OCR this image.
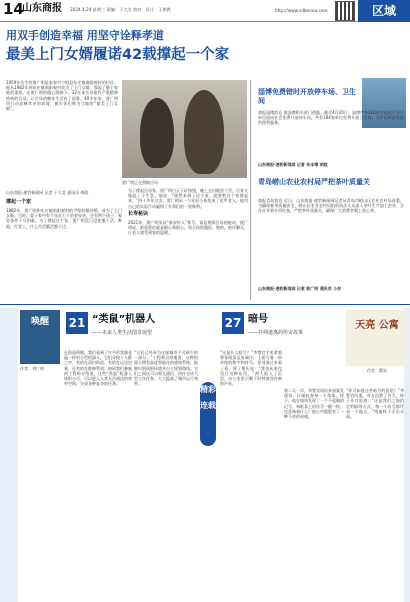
14
山东商报 2024.4.24 星期三 责编：于大北 校对：设计：王善教	http://www.sdbenxw.com	区域
用双手创造幸福 用坚守诠释孝道
最美上门女婿履诺42载撑起一个家
1959年出生的贾广明是泰安市宁阳县东庄镇南阳观村的村民。他从1982年到东庄镇南阳观村成为了上门女婿，那起了整个家庭的重担。在贾广明的精心照顾下，32年来岳母患有严重精神疾病的岳母，让岳母的晚年生活有了依靠。40多年来，贾广明用行动诠释孝亲的真谛，被乡邻们称为当地的“最美上门女婿”。
山东商报·速豹新闻网 记者 于大北 通讯员 胡政
贾广明正在照顾岳母
撑起一个家
1982年，贾广明和东庄镇南阳观村的尹家姑娘结婚，成为了上门女婿。当时，妻子家中有个年近七十的老母亲，还有两个孩子，家里条件十分困难。为了撑起这个家，贾广明没日没夜地干活，种地、打零工，什么苦活累活都干过。
为了撑起岳母家，贾广明白天下矿挣钱，晚上去田地里干活，后来又做起了小生意。他说：“既然来到了这个家，就要把这个家撑起来。”四十多年过去，贾广明从一个年轻小伙变成了花甲老人，他用自己的实际行动赢得了乡邻们的一致称赞。
长寿秘诀
2021年，贾广明荣获“泰安好人”称号。谈起照顾岳母的秘诀，贾广明说，最重要的就是耐心和细心，每天按时做饭、喂药、陪伴聊天，让老人感受到家的温暖。
淄博免费错时开放停车场、卫生间
商报淄博消息 据淄博相关部门透露，截至4月20日，淄博市共226家党政机关事业单位面向社会免费开放停车场，共有184家单位免费开放卫生间，为市民和游客提供便利服务。
山东商报·速豹新闻网 记者 朱本增 胡政
青岛崂山农业农村局严把茶叶质量关
商报青岛消息 近日，山东商报·速豹新闻网记者从青岛市崂山区农业农村局获悉，为确保春茶质量安全，崂山区农业农村局组织执法人员深入茶叶生产加工企业、合作社开展专项检查，严把茶叶质量关，确保广大消费者喝上放心茶。
山东商报·速豹新闻网 记者 耿广明 通讯员 小东
唤醒
作者：刘广明
21 “类鼠”机器人
——未来人类生活图景展望
在街道两侧，我们看到了许多形状像老鼠一样的小型机器人。它们穿梭于人群之中，有的在清扫街道，有的在运送包裹，还有的在维修管道。陪同我们参观的工程师介绍说，这些“类鼠”机器人体积小巧，可以进入人类无法到达的狭窄空间，完成各种复杂的任务。
“它们已经成为这座城市不可缺少的一部分。”工程师自豪地说。这种机器人拥有高度智能化的感知系统，能够识别周围环境并自主规划路线。它们之间还可以相互通信、协作完成大型工作任务，大大提高了城市运行效率。
精彩连载
27 暗号
——扑朔迷离的传奇故事
“这是什么暗号？”李警官手里拿着那张纸条反复端详，上面写着一串奇怪的数字和符号。老刘凑过来看了看，摇了摇头说：“我也从来没见过这种东西。”两人陷入了沉思，办公室里只剩下时钟滴答作响的声音。
第二天一早，李警官再次来到案发现场，仔细检查每一个角落。终于，他在墙角发现了一个不起眼的记号，和纸条上的符号一模一样。这意味着什么？他心中隐隐有了一种不祥的预感。
“你可知道这些暗号的意思？”李警官问道。对方沉默了许久，终于开口说道：“这是我们之间约定的联络方式，每一个符号都代表一个地点。”线索终于浮出水面。
天亮 公寓
作者：瞿驭
